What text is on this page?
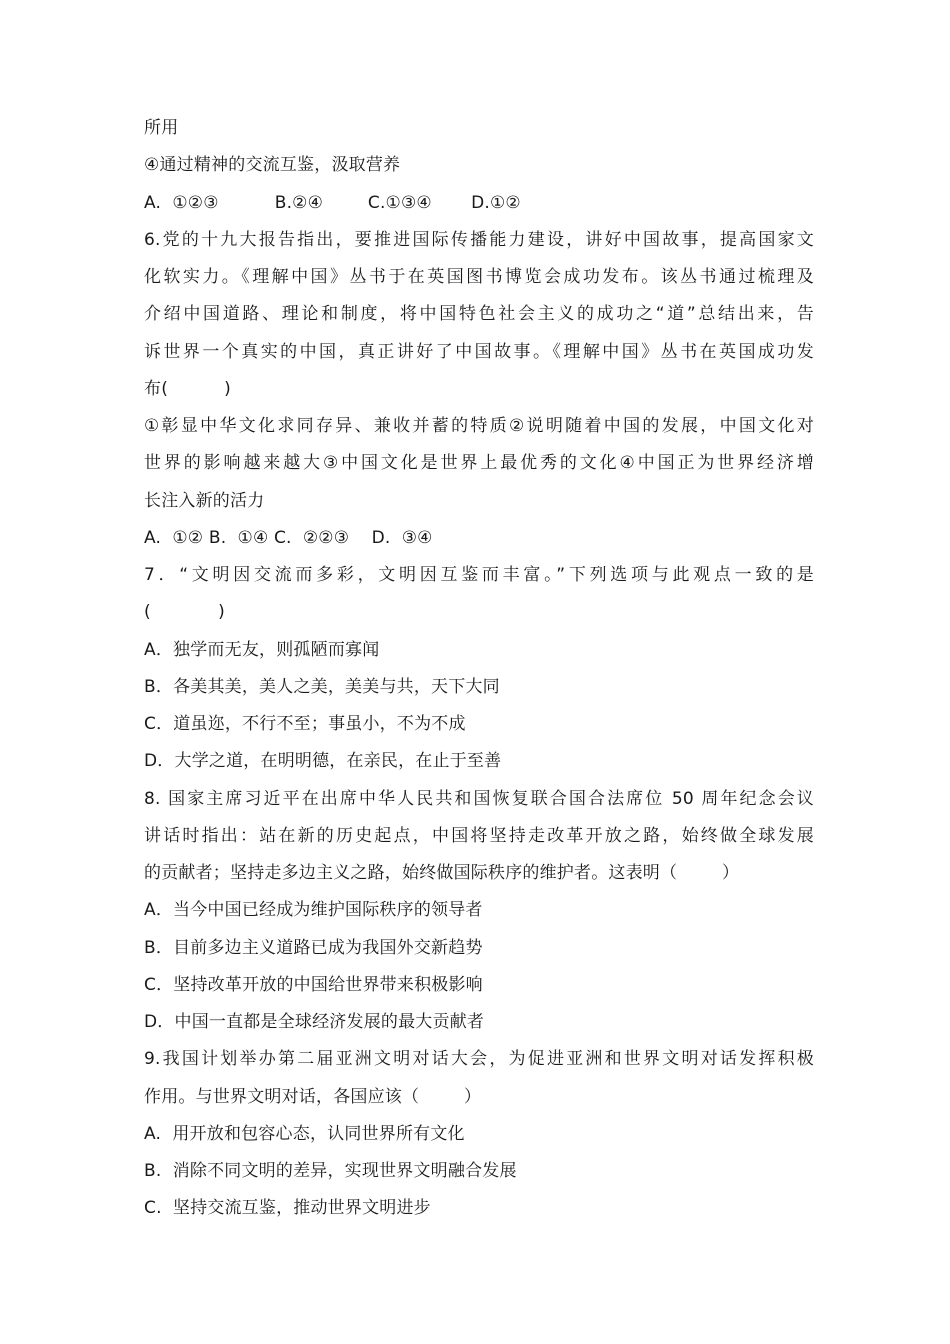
所用
④通过精神的交流互鉴，汲取营养
A.  ①②③          B.②④        C.①③④       D.①②
6.党的十九大报告指出，要推进国际传播能力建设，讲好中国故事，提高国家文
化软实力。《理解中国》丛书于在英国图书博览会成功发布。该丛书通过梳理及
介绍中国道路、理论和制度，将中国特色社会主义的成功之“道”总结出来，告
诉世界一个真实的中国，真正讲好了中国故事。《理解中国》丛书在英国成功发
布(          )
①彰显中华文化求同存异、兼收并蓄的特质②说明随着中国的发展，中国文化对
世界的影响越来越大③中国文化是世界上最优秀的文化④中国正为世界经济增
长注入新的活力
A.  ①② B.  ①④ C.  ②②③    D.  ③④
7．“文明因交流而多彩，文明因互鉴而丰富。”下列选项与此观点一致的是
(            )
A．独学而无友，则孤陋而寡闻
B．各美其美，美人之美，美美与共，天下大同
C．道虽迩，不行不至；事虽小，不为不成
D．大学之道，在明明德，在亲民，在止于至善
8. 国家主席习近平在出席中华人民共和国恢复联合国合法席位 50 周年纪念会议
讲话时指出：站在新的历史起点，中国将坚持走改革开放之路，始终做全球发展
的贡献者；坚持走多边主义之路，始终做国际秩序的维护者。这表明（        ）
A．当今中国已经成为维护国际秩序的领导者
B．目前多边主义道路已成为我国外交新趋势
C．坚持改革开放的中国给世界带来积极影响
D．中国一直都是全球经济发展的最大贡献者
9.我国计划举办第二届亚洲文明对话大会，为促进亚洲和世界文明对话发挥积极
作用。与世界文明对话，各国应该（        ）
A.  用开放和包容心态，认同世界所有文化
B.  消除不同文明的差异，实现世界文明融合发展
C.  坚持交流互鉴，推动世界文明进步
